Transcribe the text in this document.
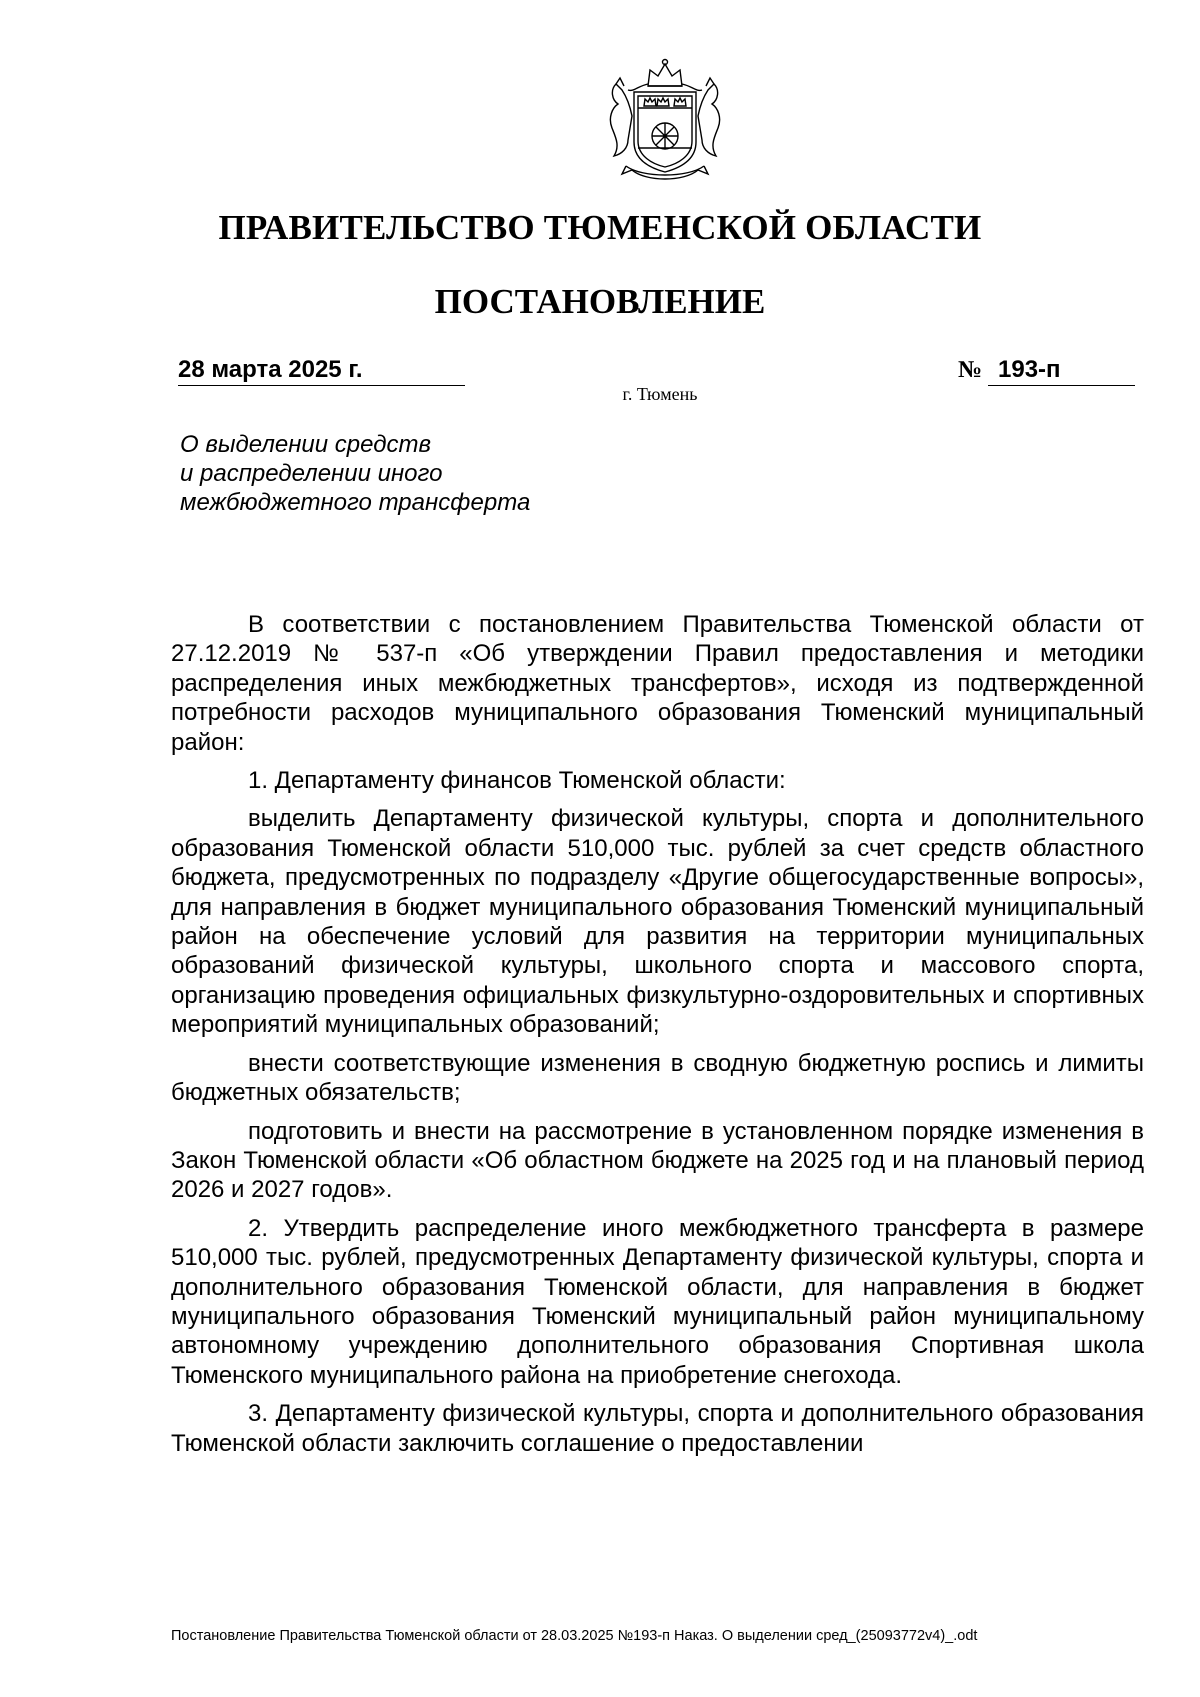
ПРАВИТЕЛЬСТВО ТЮМЕНСКОЙ ОБЛАСТИ
ПОСТАНОВЛЕНИЕ
28 марта 2025 г.	№ 193-п
г. Тюмень
О выделении средств
и распределении иного
межбюджетного трансферта

В соответствии с постановлением Правительства Тюменской области от 27.12.2019 № 537-п «Об утверждении Правил предоставления и методики распределения иных межбюджетных трансфертов», исходя из подтвержденной потребности расходов муниципального образования Тюменский муниципальный район:

1. Департаменту финансов Тюменской области:

выделить Департаменту физической культуры, спорта и дополнительного образования Тюменской области 510,000 тыс. рублей за счет средств областного бюджета, предусмотренных по подразделу «Другие общегосударственные вопросы», для направления в бюджет муниципального образования Тюменский муниципальный район на обеспечение условий для развития на территории муниципальных образований физической культуры, школьного спорта и массового спорта, организацию проведения официальных физкультурно-оздоровительных и спортивных мероприятий муниципальных образований;

внести соответствующие изменения в сводную бюджетную роспись и лимиты бюджетных обязательств;

подготовить и внести на рассмотрение в установленном порядке изменения в Закон Тюменской области «Об областном бюджете на 2025 год и на плановый период 2026 и 2027 годов».

2. Утвердить распределение иного межбюджетного трансферта в размере 510,000 тыс. рублей, предусмотренных Департаменту физической культуры, спорта и дополнительного образования Тюменской области, для направления в бюджет муниципального образования Тюменский муниципальный район муниципальному автономному учреждению дополнительного образования Спортивная школа Тюменского муниципального района на приобретение снегохода.

3. Департаменту физической культуры, спорта и дополнительного образования Тюменской области заключить соглашение о предоставлении

Постановление Правительства Тюменской области от 28.03.2025 №193-п Наказ. О выделении сред_(25093772v4)_.odt
